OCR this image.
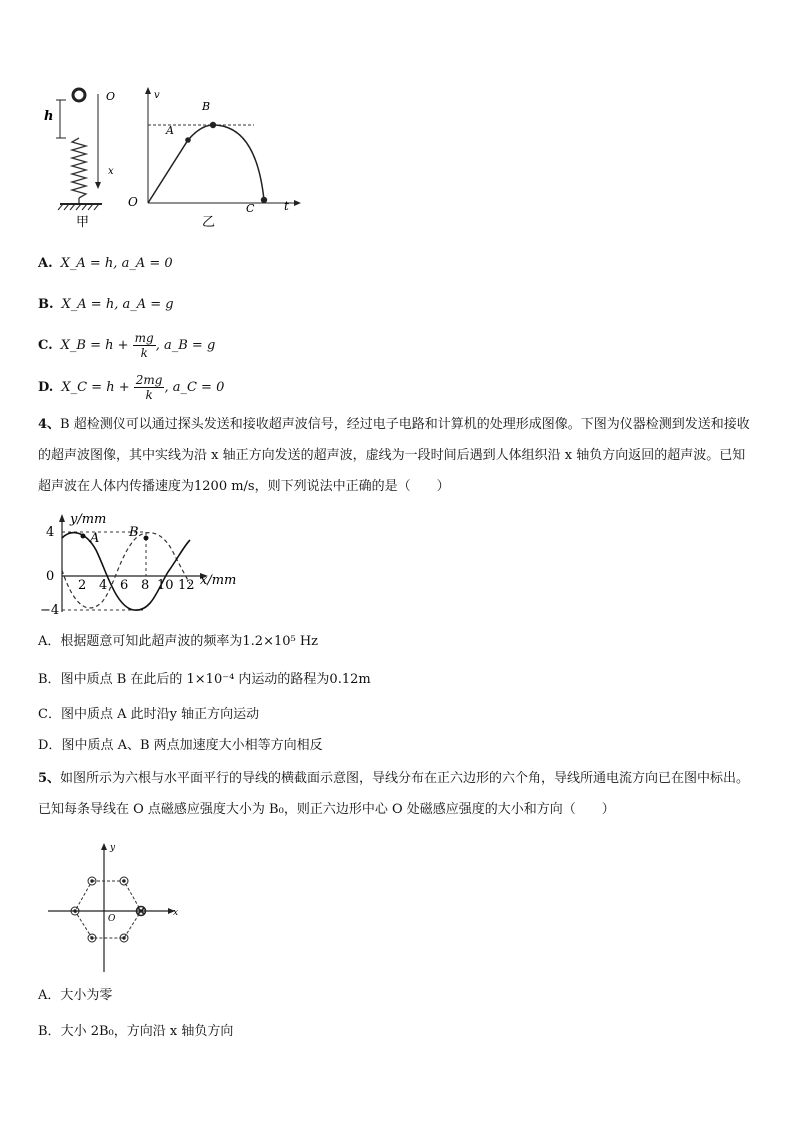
h
O
x
甲
v
O	t
A
B
C
乙
A. X_A = h, a_A = 0
B. X_A = h, a_A = g
C. X_B = $h + \frac{mg}{k}$ , a_B = g
D. X_C = $h + \frac{2mg}{k}$ , a_C = 0
4、B 超检测仪可以通过探头发送和接收超声波信号，经过电子电路和计算机的处理形成图像。下图为仪器检测到发送和接收的超声波图像，其中实线为沿 x 轴正方向发送的超声波，虚线为一段时间后遇到人体组织沿 x 轴负方向返回的超声波。已知超声波在人体内传播速度为1200 m/s，则下列说法中正确的是（　　）
y/mm
x/mm
4
0
−4
2 4 6 8 10 12
A B
A．根据题意可知此超声波的频率为1.2×10⁵ Hz
B．图中质点 B 在此后的 1×10⁻⁴ 内运动的路程为0.12m
C．图中质点 A 此时沿y 轴正方向运动
D．图中质点 A、B 两点加速度大小相等方向相反
5、如图所示为六根与水平面平行的导线的横截面示意图，导线分布在正六边形的六个角，导线所通电流方向已在图中标出。已知每条导线在 O 点磁感应强度大小为 B₀，则正六边形中心 O 处磁感应强度的大小和方向（　　）
y
x
O
A．大小为零
B．大小 2B₀，方向沿 x 轴负方向
